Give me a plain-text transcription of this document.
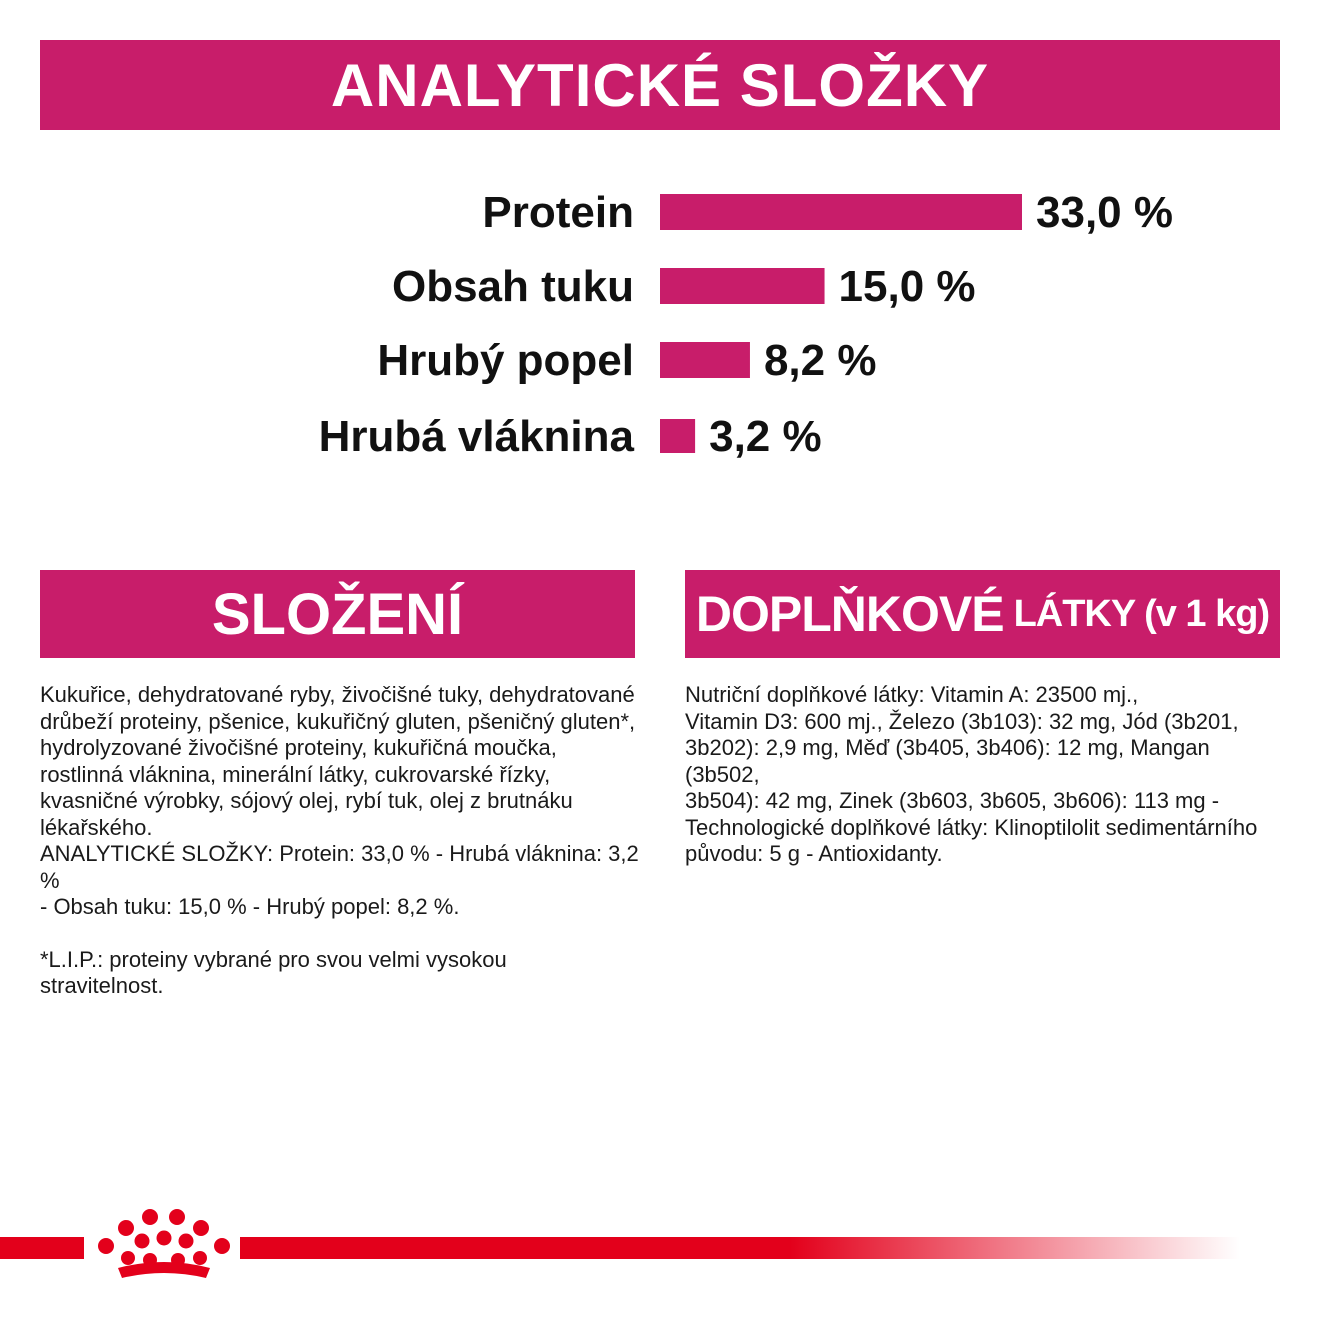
ANALYTICKÉ SLOŽKY
Protein	33,0 %
Obsah tuku	15,0 %
Hrubý popel	8,2 %
Hrubá vláknina 3,2 %
SLOŽENÍ

Kukuřice, dehydratované ryby, živočišné tuky, dehydratované

drůbeží proteiny, pšenice, kukuřičný gluten, pšeničný gluten*,

hydrolyzované živočišné proteiny, kukuřičná moučka,

rostlinná vláknina, minerální látky, cukrovarské řízky,

kvasničné výrobky, sójový olej, rybí tuk, olej z brutnáku

lékařského.

ANALYTICKÉ SLOŽKY: Protein: 33,0 % - Hrubá vláknina: 3,2 %

- Obsah tuku: 15,0 % - Hrubý popel: 8,2 %.

*L.I.P.: proteiny vybrané pro svou velmi vysokou

stravitelnost.

DOPLŇKOVÉ LÁTKY (v 1 kg)

Nutriční doplňkové látky: Vitamin A: 23500 mj.,

Vitamin D3: 600 mj., Železo (3b103): 32 mg, Jód (3b201,

3b202): 2,9 mg, Měď (3b405, 3b406): 12 mg, Mangan (3b502,

3b504): 42 mg, Zinek (3b603, 3b605, 3b606): 113 mg -

Technologické doplňkové látky: Klinoptilolit sedimentárního

původu: 5 g - Antioxidanty.
